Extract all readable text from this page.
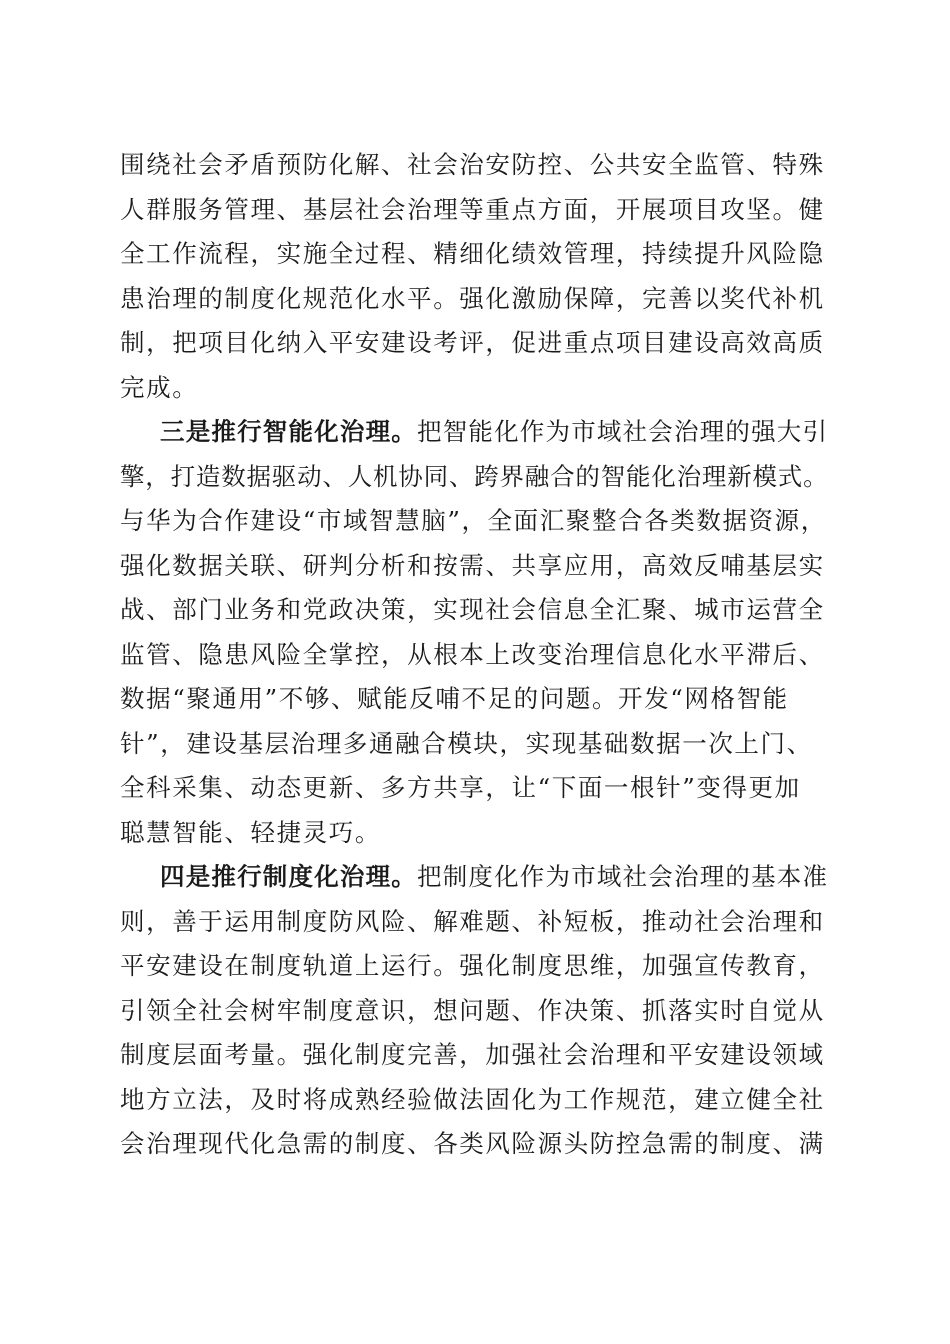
围绕社会矛盾预防化解、社会治安防控、公共安全监管、特殊
人群服务管理、基层社会治理等重点方面，开展项目攻坚。健
全工作流程，实施全过程、精细化绩效管理，持续提升风险隐
患治理的制度化规范化水平。强化激励保障，完善以奖代补机
制，把项目化纳入平安建设考评，促进重点项目建设高效高质
完成。
三是推行智能化治理。把智能化作为市域社会治理的强大引
擎，打造数据驱动、人机协同、跨界融合的智能化治理新模式。
与华为合作建设“市域智慧脑”，全面汇聚整合各类数据资源，
强化数据关联、研判分析和按需、共享应用，高效反哺基层实
战、部门业务和党政决策，实现社会信息全汇聚、城市运营全
监管、隐患风险全掌控，从根本上改变治理信息化水平滞后、
数据“聚通用”不够、赋能反哺不足的问题。开发“网格智能
针”，建设基层治理多通融合模块，实现基础数据一次上门、
全科采集、动态更新、多方共享，让“下面一根针”变得更加
聪慧智能、轻捷灵巧。
四是推行制度化治理。把制度化作为市域社会治理的基本准
则，善于运用制度防风险、解难题、补短板，推动社会治理和
平安建设在制度轨道上运行。强化制度思维，加强宣传教育，
引领全社会树牢制度意识，想问题、作决策、抓落实时自觉从
制度层面考量。强化制度完善，加强社会治理和平安建设领域
地方立法，及时将成熟经验做法固化为工作规范，建立健全社
会治理现代化急需的制度、各类风险源头防控急需的制度、满
